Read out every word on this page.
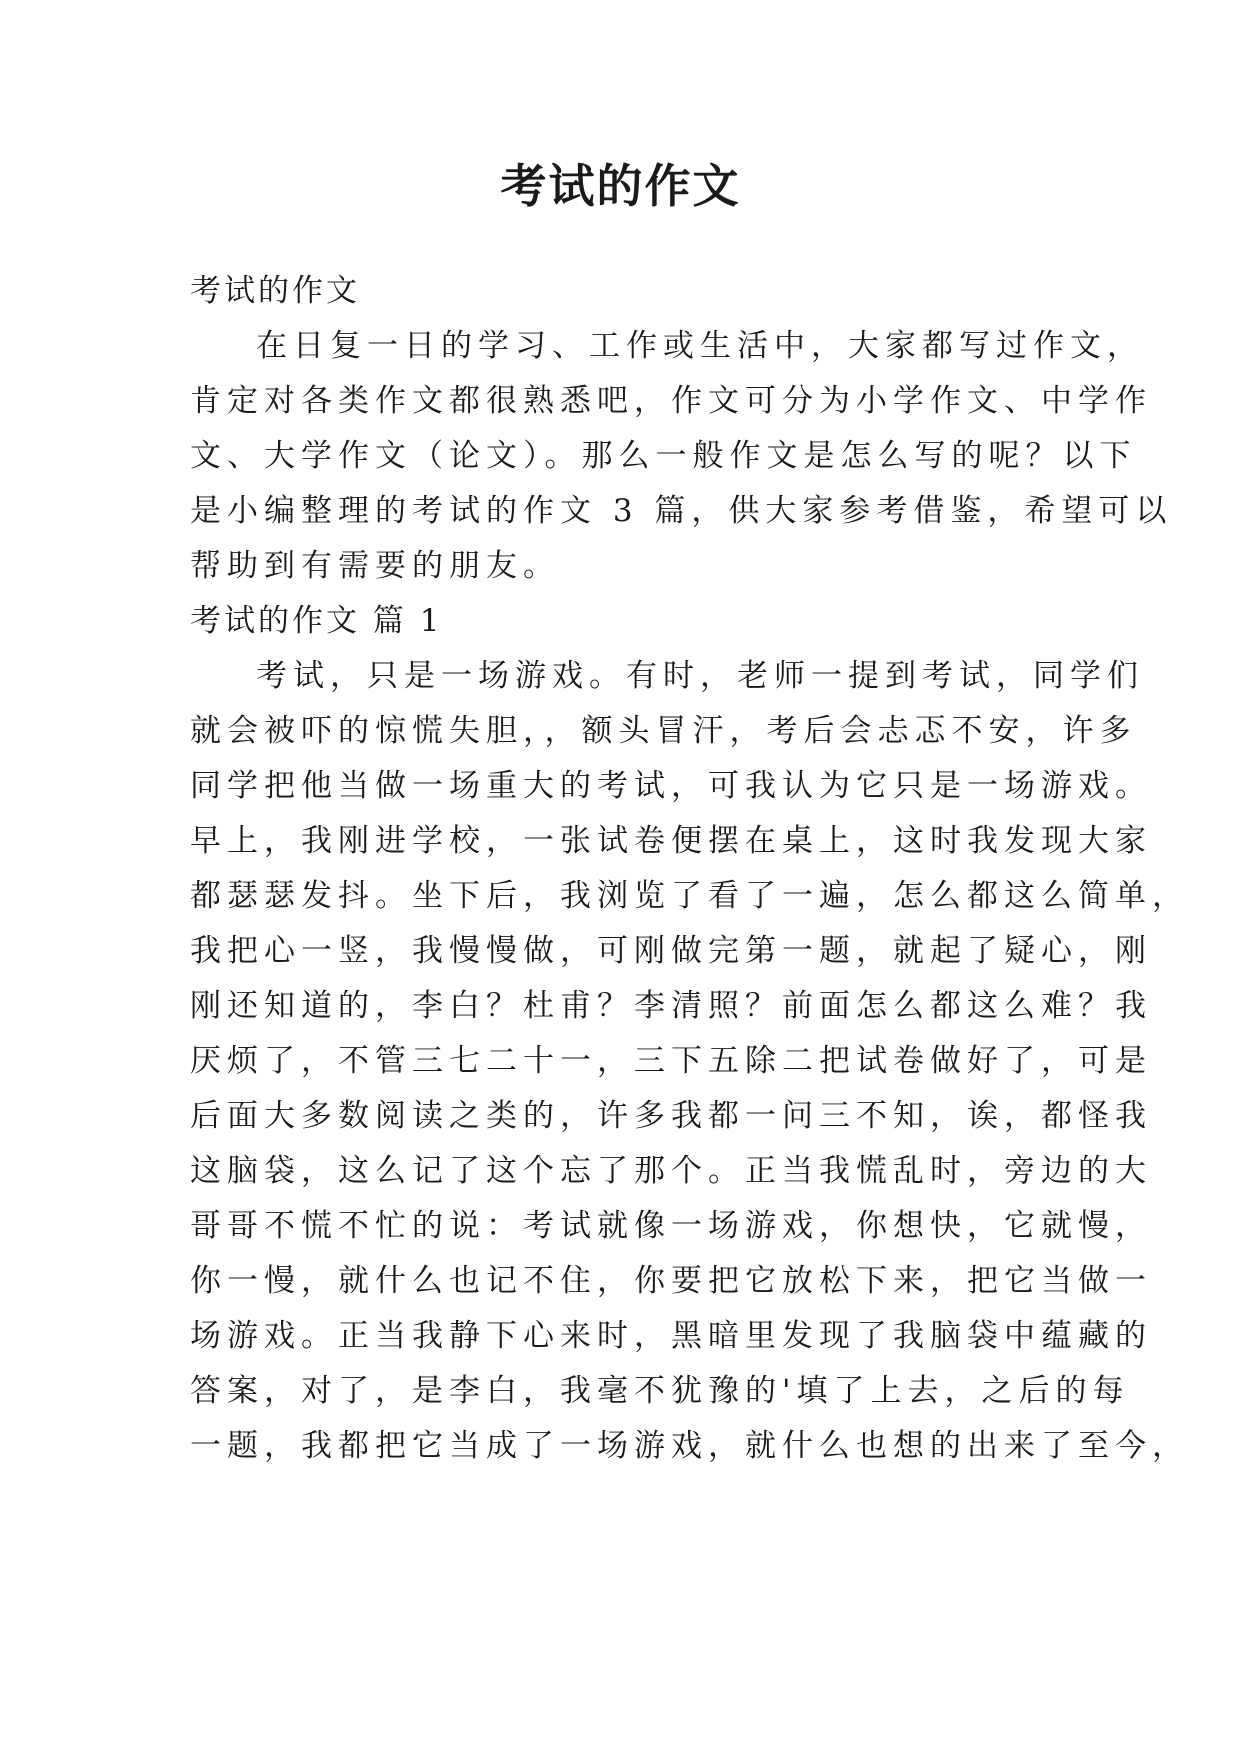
考试的作文

考试的作文

在日复一日的学习、工作或生活中，大家都写过作文，

肯定对各类作文都很熟悉吧，作文可分为小学作文、中学作

文、大学作文（论文）。那么一般作文是怎么写的呢？以下

是小编整理的考试的作文 3 篇，供大家参考借鉴，希望可以

帮助到有需要的朋友。

考试的作文 篇 1

考试，只是一场游戏。有时，老师一提到考试，同学们

就会被吓的惊慌失胆，，额头冒汗，考后会忐忑不安，许多

同学把他当做一场重大的考试，可我认为它只是一场游戏。

早上，我刚进学校，一张试卷便摆在桌上，这时我发现大家

都瑟瑟发抖。坐下后，我浏览了看了一遍，怎么都这么简单，

我把心一竖，我慢慢做，可刚做完第一题，就起了疑心，刚

刚还知道的，李白？杜甫？李清照？前面怎么都这么难？我

厌烦了，不管三七二十一，三下五除二把试卷做好了，可是

后面大多数阅读之类的，许多我都一问三不知，诶，都怪我

这脑袋，这么记了这个忘了那个。正当我慌乱时，旁边的大

哥哥不慌不忙的说：考试就像一场游戏，你想快，它就慢，

你一慢，就什么也记不住，你要把它放松下来，把它当做一

场游戏。正当我静下心来时，黑暗里发现了我脑袋中蕴藏的

答案，对了，是李白，我毫不犹豫的'填了上去，之后的每

一题，我都把它当成了一场游戏，就什么也想的出来了至今，
